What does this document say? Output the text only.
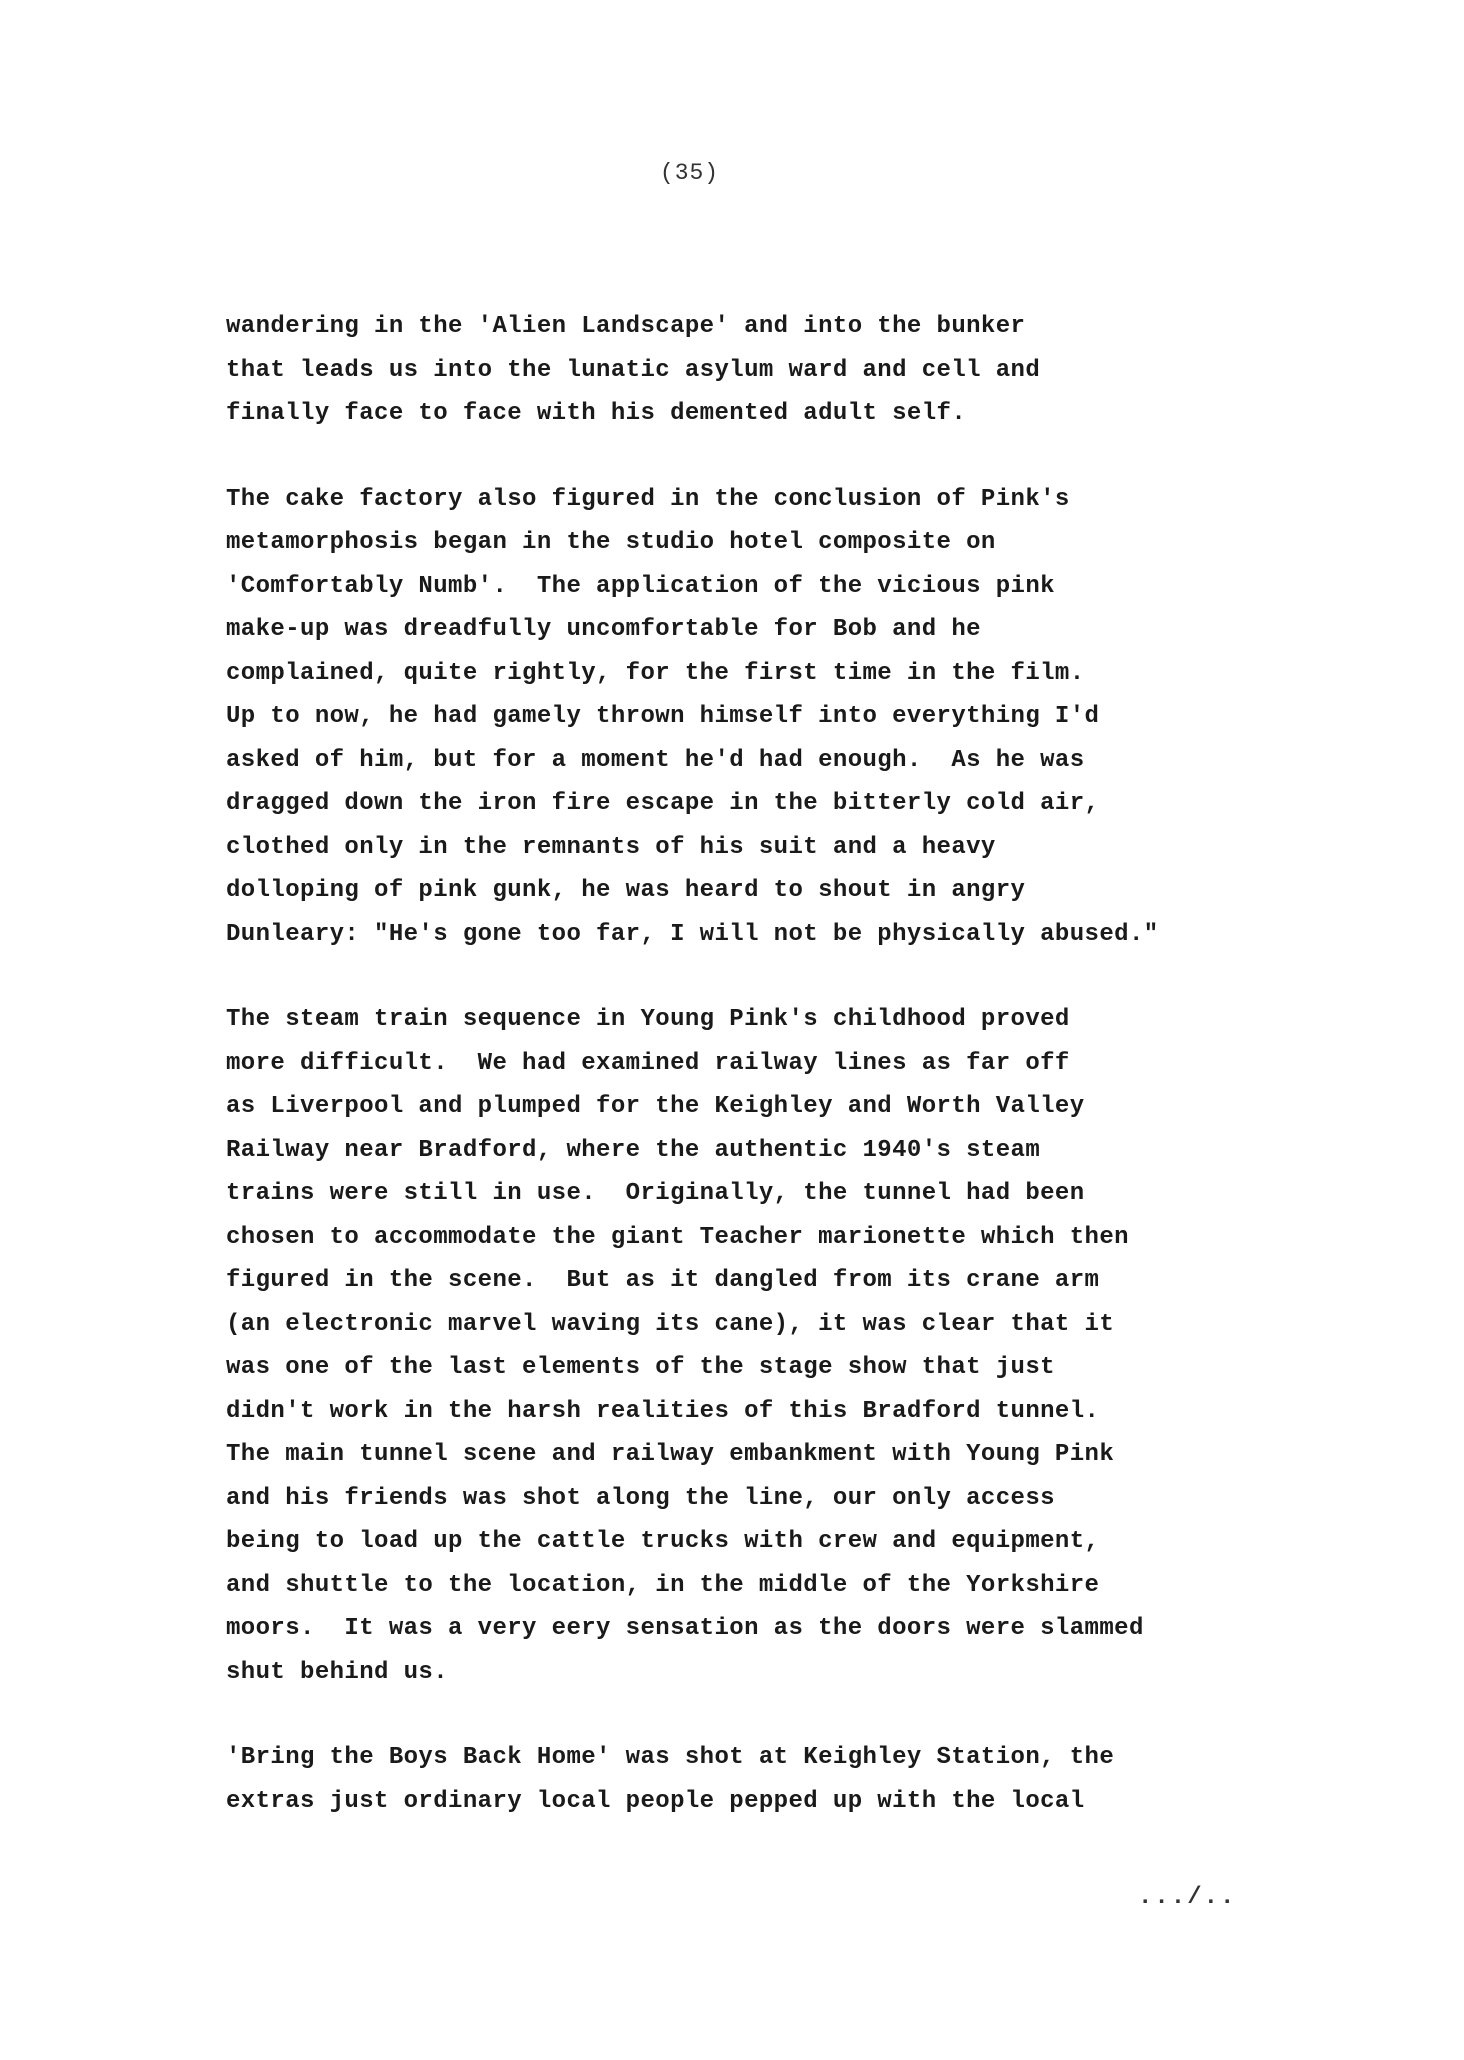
(35)
wandering in the 'Alien Landscape' and into the bunker
that leads us into the lunatic asylum ward and cell and
finally face to face with his demented adult self.
The cake factory also figured in the conclusion of Pink's
metamorphosis began in the studio hotel composite on
'Comfortably Numb'.  The application of the vicious pink
make-up was dreadfully uncomfortable for Bob and he
complained, quite rightly, for the first time in the film.
Up to now, he had gamely thrown himself into everything I'd
asked of him, but for a moment he'd had enough.  As he was
dragged down the iron fire escape in the bitterly cold air,
clothed only in the remnants of his suit and a heavy
dolloping of pink gunk, he was heard to shout in angry
Dunleary: "He's gone too far, I will not be physically abused."
The steam train sequence in Young Pink's childhood proved
more difficult.  We had examined railway lines as far off
as Liverpool and plumped for the Keighley and Worth Valley
Railway near Bradford, where the authentic 1940's steam
trains were still in use.  Originally, the tunnel had been
chosen to accommodate the giant Teacher marionette which then
figured in the scene.  But as it dangled from its crane arm
(an electronic marvel waving its cane), it was clear that it
was one of the last elements of the stage show that just
didn't work in the harsh realities of this Bradford tunnel.
The main tunnel scene and railway embankment with Young Pink
and his friends was shot along the line, our only access
being to load up the cattle trucks with crew and equipment,
and shuttle to the location, in the middle of the Yorkshire
moors.  It was a very eery sensation as the doors were slammed
shut behind us.
'Bring the Boys Back Home' was shot at Keighley Station, the
extras just ordinary local people pepped up with the local
.../..
